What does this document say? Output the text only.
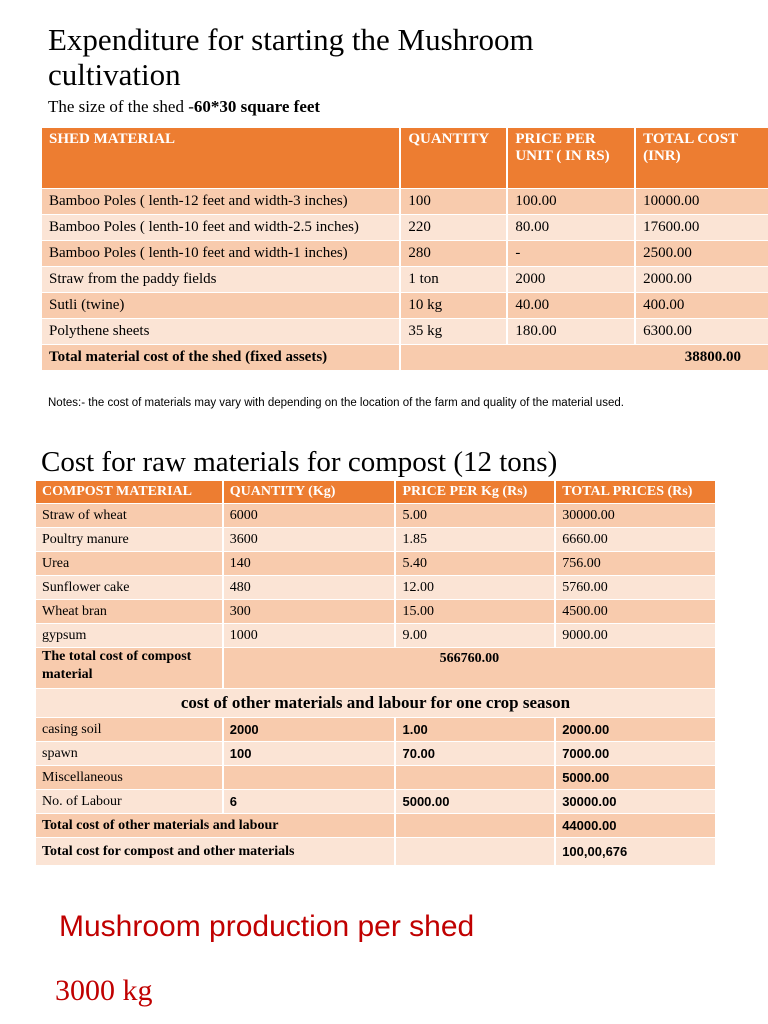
Expenditure for starting the Mushroom cultivation
The size of the shed -60*30 square feet
SHED MATERIAL	QUANTITY	PRICE PER UNIT ( IN RS)	TOTAL COST (INR)
Bamboo Poles ( lenth-12 feet and width-3 inches)	100	100.00	10000.00
Bamboo Poles ( lenth-10 feet and width-2.5 inches)	220	80.00	17600.00
Bamboo Poles ( lenth-10 feet and width-1 inches)	280	-	2500.00
Straw from the paddy fields	1 ton	2000	2000.00
Sutli (twine)	10 kg	40.00	400.00
Polythene sheets	35 kg	180.00	6300.00
Total material cost of the shed (fixed assets)	38800.00		
Notes:- the cost of materials may vary with depending on the location of the farm and quality of the material used.
Cost for raw materials for compost (12 tons)
COMPOST MATERIAL	QUANTITY (Kg)	PRICE PER Kg (Rs)	TOTAL PRICES (Rs)
Straw of wheat	6000	5.00	30000.00
Poultry manure	3600	1.85	6660.00
Urea	140	5.40	756.00
Sunflower cake	480	12.00	5760.00
Wheat bran	300	15.00	4500.00
gypsum	1000	9.00	9000.00
The total cost of compost material	566760.00		
cost of other materials and labour for one crop season			
casing soil	2000	1.00	2000.00
spawn	100	70.00	7000.00
Miscellaneous			5000.00
No. of Labour	6	5000.00	30000.00
Total cost of other materials and labour			44000.00
Total cost for compost and other materials			100,00,676
Mushroom production per shed
3000 kg
